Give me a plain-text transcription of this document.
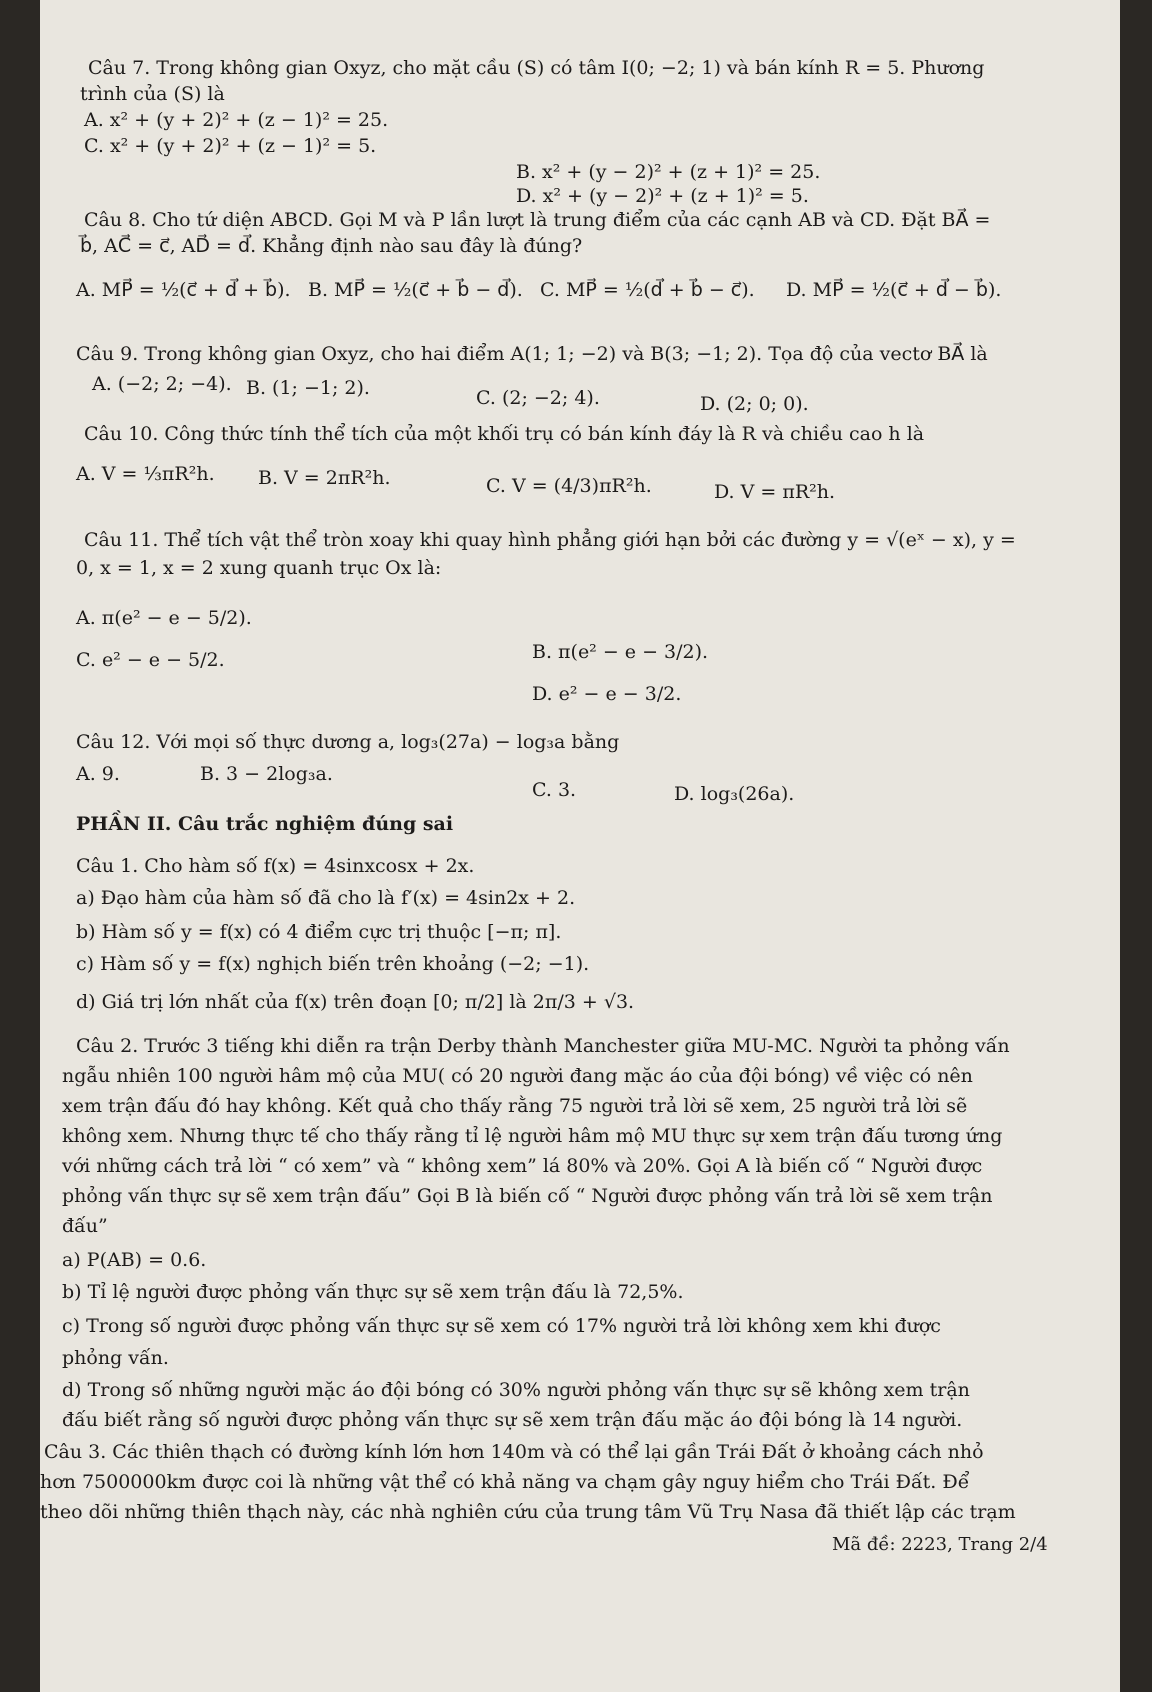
Câu 7. Trong không gian Oxyz, cho mặt cầu (S) có tâm I(0; −2; 1) và bán kính R = 5. Phương
trình của (S) là
A. x² + (y + 2)² + (z − 1)² = 25.
C. x² + (y + 2)² + (z − 1)² = 5.
B. x² + (y − 2)² + (z + 1)² = 25.
D. x² + (y − 2)² + (z + 1)² = 5.
Câu 8. Cho tứ diện ABCD. Gọi M và P lần lượt là trung điểm của các cạnh AB và CD. Đặt BA⃗ =
b⃗, AC⃗ = c⃗, AD⃗ = d⃗. Khẳng định nào sau đây là đúng?
A. MP⃗ = ½(c⃗ + d⃗ + b⃗). B. MP⃗ = ½(c⃗ + b⃗ − d⃗). C. MP⃗ = ½(d⃗ + b⃗ − c⃗). D. MP⃗ = ½(c⃗ + d⃗ − b⃗).
Câu 9. Trong không gian Oxyz, cho hai điểm A(1; 1; −2) và B(3; −1; 2). Tọa độ của vectơ BA⃗ là
A. (−2; 2; −4). B. (1; −1; 2).	C. (2; −2; 4).	D. (2; 0; 0).
Câu 10. Công thức tính thể tích của một khối trụ có bán kính đáy là R và chiều cao h là
A. V = ⅓πR²h. B. V = 2πR²h.	C. V = (4/3)πR²h.	D. V = πR²h.
Câu 11. Thể tích vật thể tròn xoay khi quay hình phẳng giới hạn bởi các đường y = √(eˣ − x), y =
0, x = 1, x = 2 xung quanh trục Ox là:
A. π(e² − e − 5/2).
C. e² − e − 5/2.	B. π(e² − e − 3/2).
D. e² − e − 3/2.
Câu 12. Với mọi số thực dương a, log₃(27a) − log₃a bằng
A. 9.	B. 3 − 2log₃a.
C. 3.	D. log₃(26a).
PHẦN II. Câu trắc nghiệm đúng sai
Câu 1. Cho hàm số f(x) = 4sinxcosx + 2x.
a) Đạo hàm của hàm số đã cho là f′(x) = 4sin2x + 2.
b) Hàm số y = f(x) có 4 điểm cực trị thuộc [−π; π].
c) Hàm số y = f(x) nghịch biến trên khoảng (−2; −1).
d) Giá trị lớn nhất của f(x) trên đoạn [0; π/2] là 2π/3 + √3.
Câu 2. Trước 3 tiếng khi diễn ra trận Derby thành Manchester giữa MU-MC. Người ta phỏng vấn
ngẫu nhiên 100 người hâm mộ của MU( có 20 người đang mặc áo của đội bóng) về việc có nên
xem trận đấu đó hay không. Kết quả cho thấy rằng 75 người trả lời sẽ xem, 25 người trả lời sẽ
không xem. Nhưng thực tế cho thấy rằng tỉ lệ người hâm mộ MU thực sự xem trận đấu tương ứng
với những cách trả lời “ có xem” và “ không xem” lá 80% và 20%. Gọi A là biến cố “ Người được
phỏng vấn thực sự sẽ xem trận đấu” Gọi B là biến cố “ Người được phỏng vấn trả lời sẽ xem trận
đấu”
a) P(AB) = 0.6.
b) Tỉ lệ người được phỏng vấn thực sự sẽ xem trận đấu là 72,5%.
c) Trong số người được phỏng vấn thực sự sẽ xem có 17% người trả lời không xem khi được
phỏng vấn.
d) Trong số những người mặc áo đội bóng có 30% người phỏng vấn thực sự sẽ không xem trận
đấu biết rằng số người được phỏng vấn thực sự sẽ xem trận đấu mặc áo đội bóng là 14 người.
Câu 3. Các thiên thạch có đường kính lớn hơn 140m và có thể lại gần Trái Đất ở khoảng cách nhỏ
hơn 7500000km được coi là những vật thể có khả năng va chạm gây nguy hiểm cho Trái Đất. Để
theo dõi những thiên thạch này, các nhà nghiên cứu của trung tâm Vũ Trụ Nasa đã thiết lập các trạm
Mã đề: 2223, Trang 2/4
